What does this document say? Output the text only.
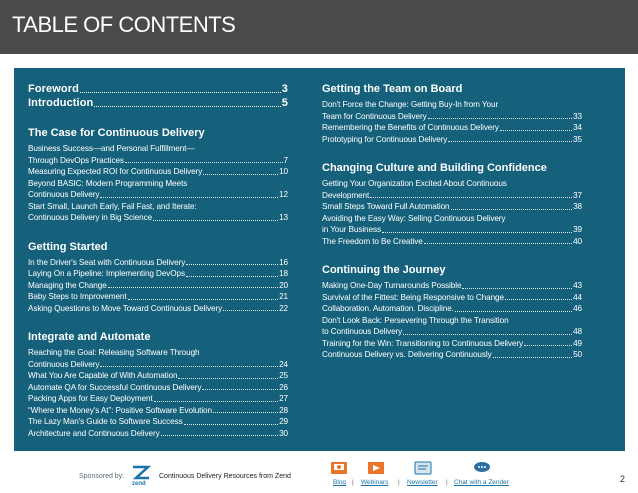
TABLE OF CONTENTS
Foreword	3
Introduction	5
The Case for Continuous Delivery
Business Success—and Personal Fulfillment—
Through DevOps Practices	7
Measuring Expected ROI for Continuous Delivery	10
Beyond BASIC: Modern Programming Meets
Continuous Delivery	12
Start Small, Launch Early, Fail Fast, and Iterate:
Continuous Delivery in Big Science	13
Getting Started
In the Driver's Seat with Continuous Delivery	16
Laying On a Pipeline: Implementing DevOps	18
Managing the Change	20
Baby Steps to Improvement	21
Asking Questions to Move Toward Continuous Delivery	22
Integrate and Automate
Reaching the Goal: Releasing Software Through
Continuous Delivery	24
What You Are Capable of With Automation	25
Automate QA for Successful Continuous Delivery	26
Packing Apps for Easy Deployment	27
“Where the Money's At”: Positive Software Evolution	28
The Lazy Man's Guide to Software Success	29
Architecture and Continuous Delivery	30
Getting the Team on Board
Don't Force the Change: Getting Buy-In from Your
Team for Continuous Delivery	33
Remembering the Benefits of Continuous Delivery	34
Prototyping for Continuous Delivery	35
Changing Culture and Building Confidence
Getting Your Organization Excited About Continuous
Development	37
Small Steps Toward Full Automation	38
Avoiding the Easy Way: Selling Continuous Delivery
in Your Business	39
The Freedom to Be Creative	40
Continuing the Journey
Making One-Day Turnarounds Possible	43
Survival of the Fittest: Being Responsive to Change	44
Collaboration. Automation. Discipline.	46
Don't Look Back: Persevering Through the Transition
to Continuous Delivery	48
Training for the Win: Transitioning to Continuous Delivery	49
Continuous Delivery vs. Delivering Continuously	50
Sponsored by:
zend
Continuous Delivery Resources from Zend
Blog | Webinars | Newsletter | Chat with a Zender	2
